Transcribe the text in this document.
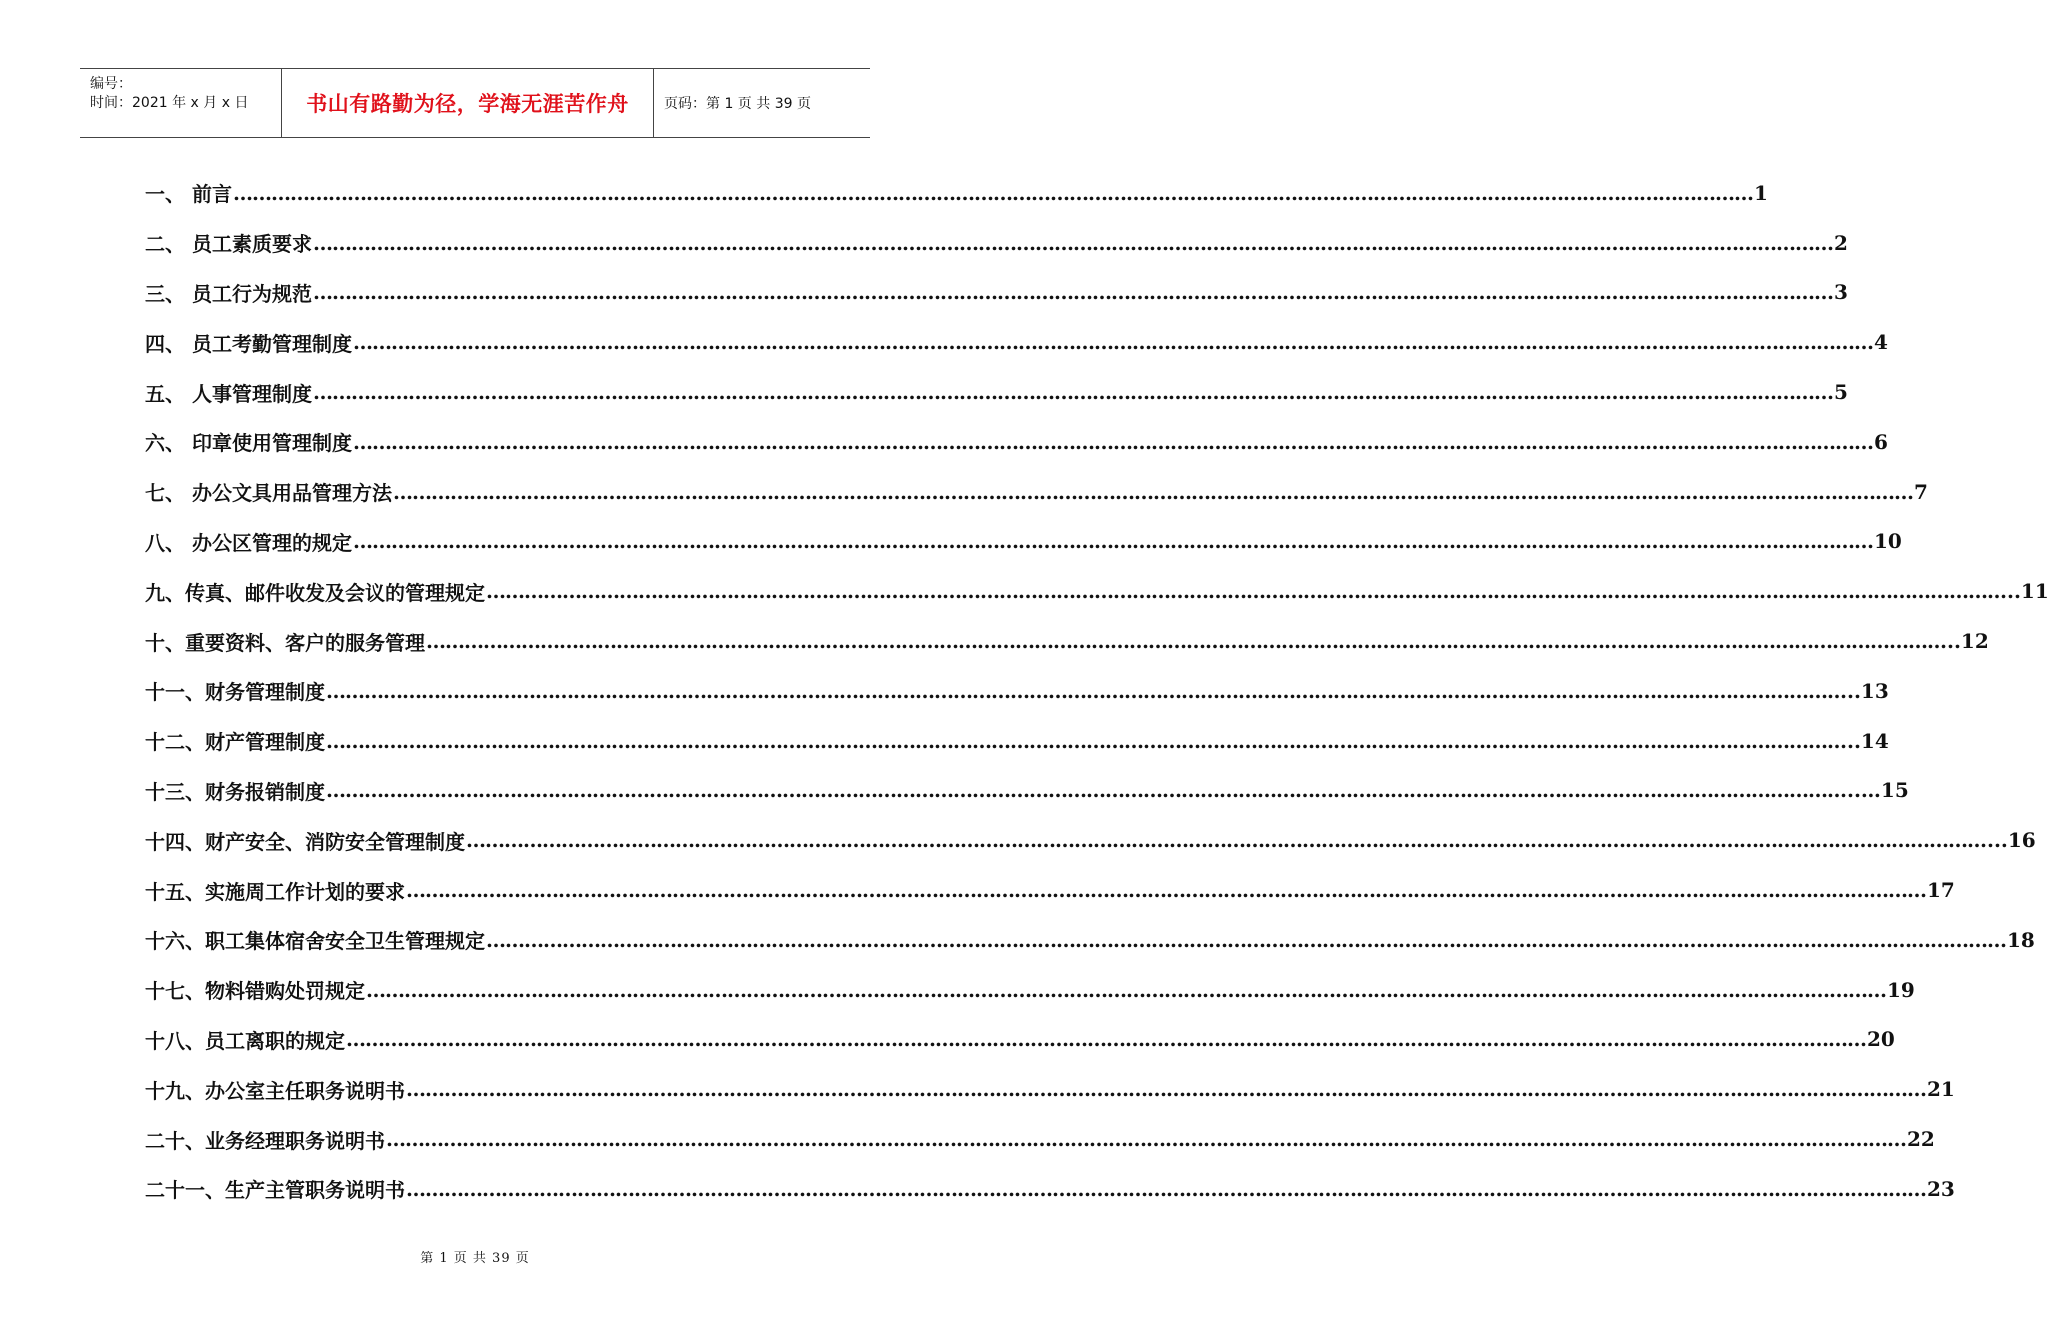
编号：
时间：2021 年 x 月 x 日	书山有路勤为径，学海无涯苦作舟	页码：第 1 页 共 39 页
一、 前言 …………………………………………………………………………………………………………………………………………………………………………………………………………………… 1
二、 员工素质要求 …………………………………………………………………………………………………………………………………………………………………………………………………………………… 2
三、 员工行为规范 …………………………………………………………………………………………………………………………………………………………………………………………………………………… 3
四、 员工考勤管理制度 …………………………………………………………………………………………………………………………………………………………………………………………………………………… 4
五、 人事管理制度 …………………………………………………………………………………………………………………………………………………………………………………………………………………… 5
六、 印章使用管理制度 …………………………………………………………………………………………………………………………………………………………………………………………………………………… 6
七、 办公文具用品管理方法 …………………………………………………………………………………………………………………………………………………………………………………………………………………… 7
八、 办公区管理的规定 …………………………………………………………………………………………………………………………………………………………………………………………………………………… 10
九、传真、邮件收发及会议的管理规定 …………………………………………………………………………………………………………………………………………………………………………………………………………………… ..11
十、重要资料、客户的服务管理 …………………………………………………………………………………………………………………………………………………………………………………………………………………… ..12
十一、财务管理制度 …………………………………………………………………………………………………………………………………………………………………………………………………………………… ..13
十二、财产管理制度 …………………………………………………………………………………………………………………………………………………………………………………………………………………… ..14
十三、财务报销制度 …………………………………………………………………………………………………………………………………………………………………………………………………………………… ..…15
十四、财产安全、消防安全管理制度 …………………………………………………………………………………………………………………………………………………………………………………………………………………… ...16
十五、实施周工作计划的要求 …………………………………………………………………………………………………………………………………………………………………………………………………………………… 17
十六、职工集体宿舍安全卫生管理规定 …………………………………………………………………………………………………………………………………………………………………………………………………………………… 18
十七、物料错购处罚规定 …………………………………………………………………………………………………………………………………………………………………………………………………………………… 19
十八、员工离职的规定 …………………………………………………………………………………………………………………………………………………………………………………………………………………… 20
十九、办公室主任职务说明书 …………………………………………………………………………………………………………………………………………………………………………………………………………………… 21
二十、业务经理职务说明书 …………………………………………………………………………………………………………………………………………………………………………………………………………………… 22
二十一、生产主管职务说明书 …………………………………………………………………………………………………………………………………………………………………………………………………………………… 23
第 1 页 共 39 页
